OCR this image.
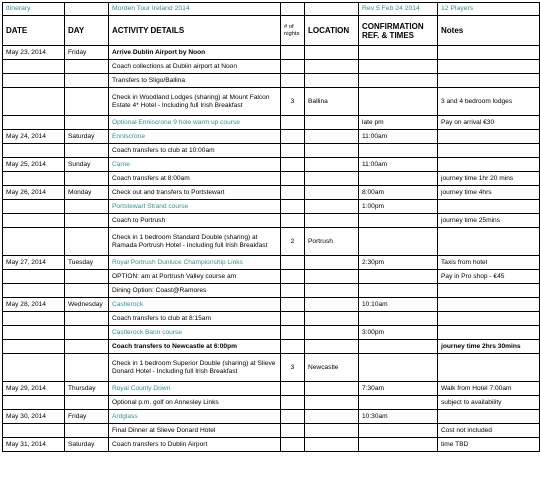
Itinerary		Morden Tour Ireland 2014			Rev 5 Feb 24 2014	12 Players
DATE	DAY	ACTIVITY DETAILS	# of nights	LOCATION	CONFIRMATION REF. & TIMES	Notes
May 23, 2014	Friday	Arrive Dublin Airport by Noon				
		Coach collections at Dublin airport at Noon				
		Transfers to Sligo/Ballina				
		Check in Woodland Lodges (sharing) at Mount Falcon Estate 4* Hotel - Including full Irish Breakfast	3	Ballina		3 and 4 bedroom lodges
		Optional Enniscrone 9 hole warm up course			late pm	Pay on arrival €30
May 24, 2014	Saturday	Enniscrone			11:00am	
		Coach transfers to club at 10:00am				
May 25, 2014	Sunday	Carne			11:00am	
		Coach transfers at 8:00am				journey time 1hr 20 mins
May 26, 2014	Monday	Check out and transfers to Portstewart			8:00am	journey time 4hrs
		Portstewart Strand course			1:00pm	
		Coach to Portrush				journey time 25mins
		Check in 1 bedroom Standard Double (sharing) at Ramada Portrush Hotel - Including full Irish Breakfast	2	Portrush		
May 27, 2014	Tuesday	Royal Portrush Dunluce Championship Links			2:30pm	Taxis from hotel
		OPTION: am at Portrush Valley course am				Pay in Pro shop - €45
		Dining Option: Coast@Ramores				
May 28, 2014	Wednesday	Castlerock			10:10am	
		Coach transfers to club at 8:15am				
		Castlerock Bann course			3:00pm	
		Coach transfers to Newcastle at 6:00pm				journey time 2hrs 30mins
		Check in 1 bedroom Superior Double (sharing) at Slieve Donard Hotel - Including full Irish Breakfast	3	Newcastle		
May 29, 2014	Thursday	Royal County Down			7:30am	Walk from Hotel 7:00am
		Optional p.m. golf on Annesley Links				subject to availability
May 30, 2014	Friday	Ardglass			10:30am	
		Final Dinner at Slieve Donard Hotel				Cost not included
May 31, 2014	Saturday	Coach transfers to Dublin Airport				time TBD
